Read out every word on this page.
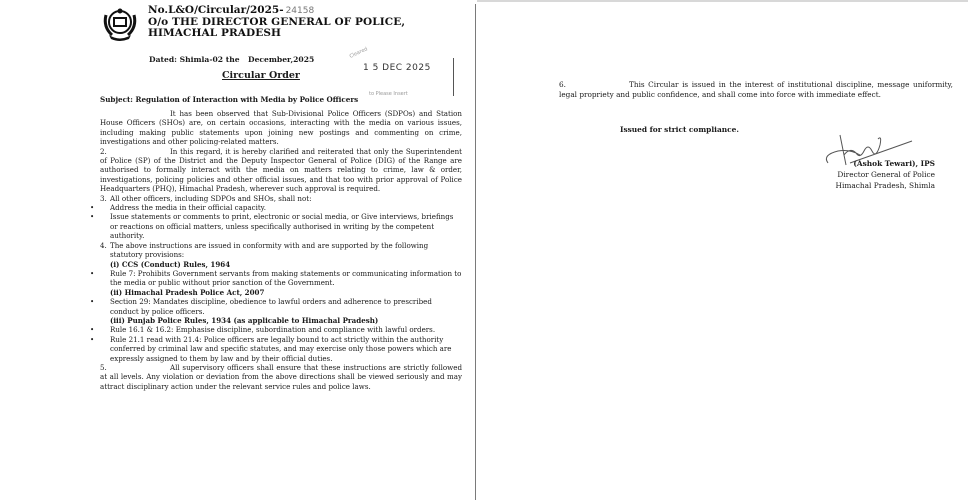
No.L&O/Circular/2025- 24158
O/o THE DIRECTOR GENERAL OF POLICE,
HIMACHAL PRADESH
Dated: Shimla-02 the December,2025
Circular Order
Cleared
1 5 DEC 2025
to Please Insert
Subject: Regulation of Interaction with Media by Police Officers

It has been observed that Sub-Divisional Police Officers (SDPOs) and Station House Officers (SHOs) are, on certain occasions, interacting with the media on various issues, including making public statements upon joining new postings and commenting on crime, investigations and other policing-related matters.

2.	In this regard, it is hereby clarified and reiterated that only the Superintendent of Police (SP) of the District and the Deputy Inspector General of Police (DIG) of the Range are authorised to formally interact with the media on matters relating to crime, law & order, investigations, policing policies and other official issues, and that too with prior approval of Police Headquarters (PHQ), Himachal Pradesh, wherever such approval is required.

3. All other officers, including SDPOs and SHOs, shall not:
• Address the media in their official capacity.
• Issue statements or comments to print, electronic or social media, or Give interviews, briefings or reactions on official matters, unless specifically authorised in writing by the competent authority.
4. The above instructions are issued in conformity with and are supported by the following statutory provisions:
(i) CCS (Conduct) Rules, 1964
• Rule 7: Prohibits Government servants from making statements or communicating information to the media or public without prior sanction of the Government.
(ii) Himachal Pradesh Police Act, 2007
• Section 29: Mandates discipline, obedience to lawful orders and adherence to prescribed conduct by police officers.
(iii) Punjab Police Rules, 1934 (as applicable to Himachal Pradesh)
• Rule 16.1 & 16.2: Emphasise discipline, subordination and compliance with lawful orders.
• Rule 21.1 read with 21.4: Police officers are legally bound to act strictly within the authority conferred by criminal law and specific statutes, and may exercise only those powers which are expressly assigned to them by law and by their official duties.

5.	All supervisory officers shall ensure that these instructions are strictly followed at all levels. Any violation or deviation from the above directions shall be viewed seriously and may attract disciplinary action under the relevant service rules and police laws.

6.	This Circular is issued in the interest of institutional discipline, message uniformity, legal propriety and public confidence, and shall come into force with immediate effect.
Issued for strict compliance.
(Ashok Tewari), IPS
Director General of Police
Himachal Pradesh, Shimla
